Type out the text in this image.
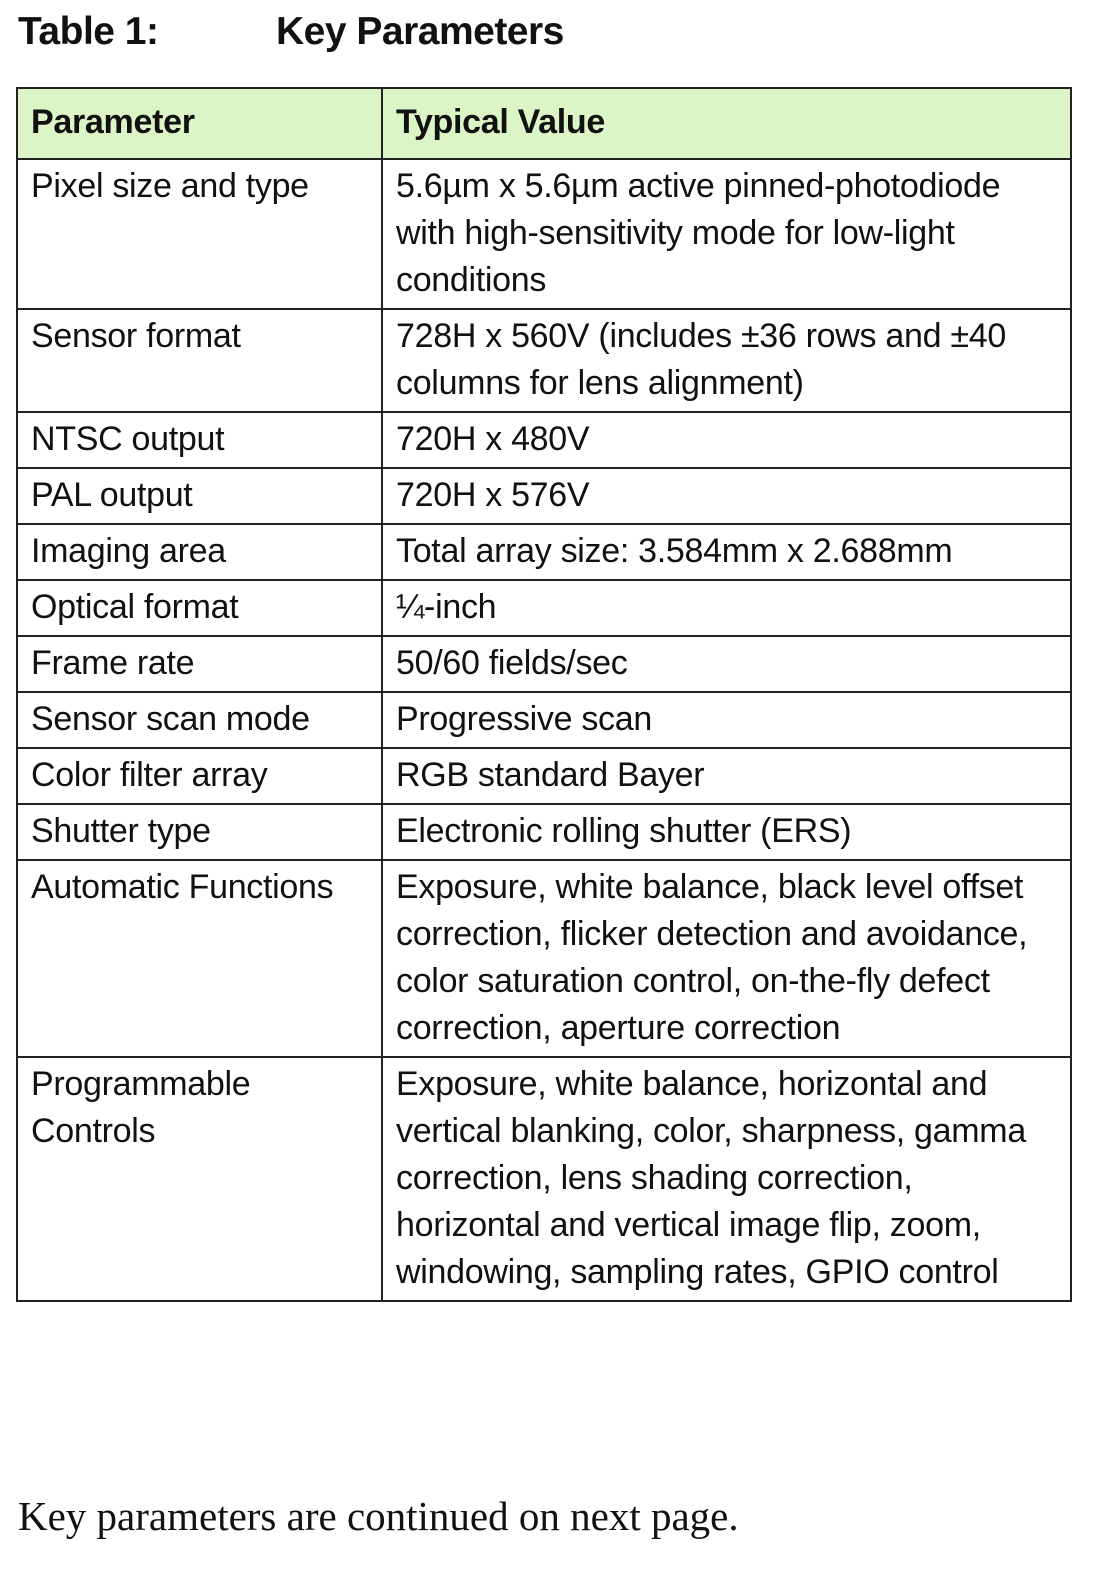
Table 1:	Key Parameters
Parameter	Typical Value
Pixel size and type	5.6µm x 5.6µm active pinned-photodiode with high-sensitivity mode for low-light conditions
Sensor format	728H x 560V (includes ±36 rows and ±40 columns for lens alignment)
NTSC output	720H x 480V
PAL output	720H x 576V
Imaging area	Total array size: 3.584mm x 2.688mm
Optical format	¼-inch
Frame rate	50/60 fields/sec
Sensor scan mode	Progressive scan
Color filter array	RGB standard Bayer
Shutter type	Electronic rolling shutter (ERS)
Automatic Functions	Exposure, white balance, black level offset correction, flicker detection and avoidance, color saturation control, on-the-fly defect correction, aperture correction
Programmable Controls	Exposure, white balance, horizontal and vertical blanking, color, sharpness, gamma correction, lens shading correction, horizontal and vertical image flip, zoom, windowing, sampling rates, GPIO control
Key parameters are continued on next page.
